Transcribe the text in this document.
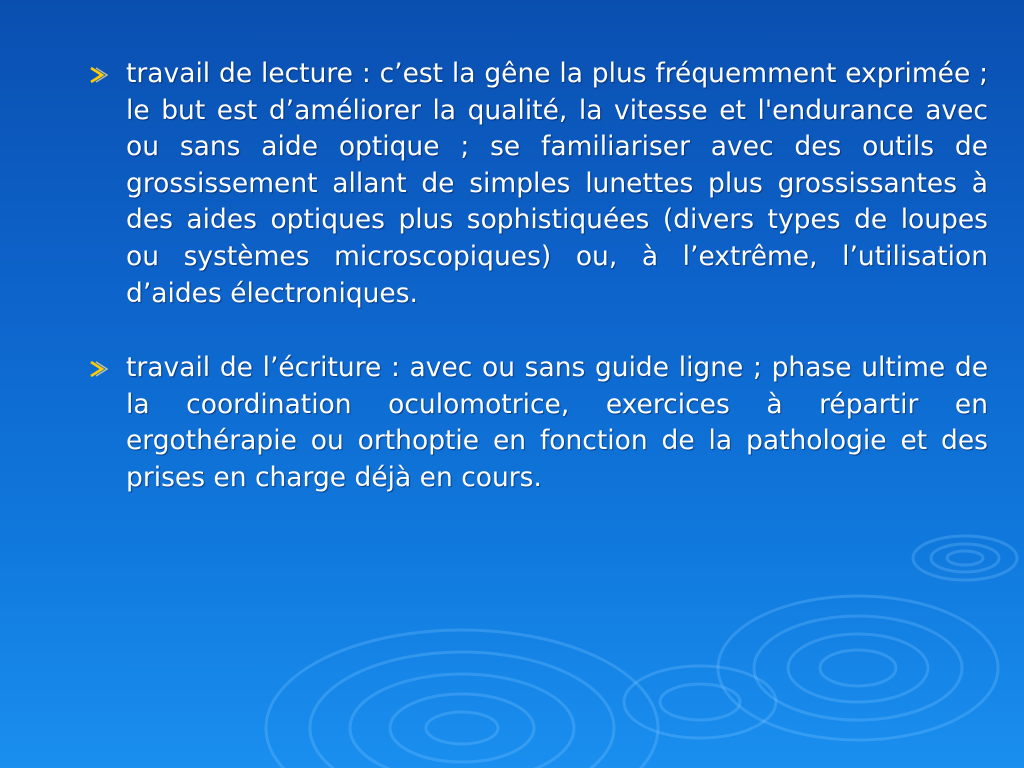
travail de lecture : c’est la gêne la plus fréquemment exprimée ; le but est d’améliorer la qualité, la vitesse et l'endurance avec ou sans aide optique ; se familiariser avec des outils de grossissement allant de simples lunettes plus grossissantes à des aides optiques plus sophistiquées (divers types de loupes ou systèmes microscopiques) ou, à l’extrême, l’utilisation d’aides électroniques.

travail de l’écriture : avec ou sans guide ligne ; phase ultime de la coordination oculomotrice, exercices à répartir en ergothérapie ou orthoptie en fonction de la pathologie et des prises en charge déjà en cours.
